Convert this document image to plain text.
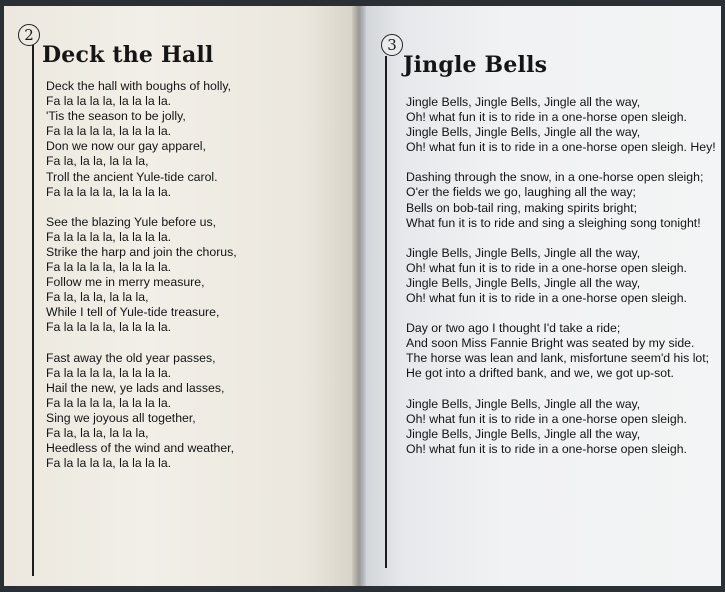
2
Deck the Hall
Deck the hall with boughs of holly,
Fa la la la la, la la la la.
'Tis the season to be jolly,
Fa la la la la, la la la la.
Don we now our gay apparel,
Fa la, la la, la la la,
Troll the ancient Yule-tide carol.
Fa la la la la, la la la la.
See the blazing Yule before us,
Fa la la la la, la la la la.
Strike the harp and join the chorus,
Fa la la la la, la la la la.
Follow me in merry measure,
Fa la, la la, la la la,
While I tell of Yule-tide treasure,
Fa la la la la, la la la la.
Fast away the old year passes,
Fa la la la la, la la la la.
Hail the new, ye lads and lasses,
Fa la la la la, la la la la.
Sing we joyous all together,
Fa la, la la, la la la,
Heedless of the wind and weather,
Fa la la la la, la la la la.
3
Jingle Bells
Jingle Bells, Jingle Bells, Jingle all the way,
Oh! what fun it is to ride in a one-horse open sleigh.
Jingle Bells, Jingle Bells, Jingle all the way,
Oh! what fun it is to ride in a one-horse open sleigh. Hey!
Dashing through the snow, in a one-horse open sleigh;
O'er the fields we go, laughing all the way;
Bells on bob-tail ring, making spirits bright;
What fun it is to ride and sing a sleighing song tonight!
Jingle Bells, Jingle Bells, Jingle all the way,
Oh! what fun it is to ride in a one-horse open sleigh.
Jingle Bells, Jingle Bells, Jingle all the way,
Oh! what fun it is to ride in a one-horse open sleigh.
Day or two ago I thought I'd take a ride;
And soon Miss Fannie Bright was seated by my side.
The horse was lean and lank, misfortune seem'd his lot;
He got into a drifted bank, and we, we got up-sot.
Jingle Bells, Jingle Bells, Jingle all the way,
Oh! what fun it is to ride in a one-horse open sleigh.
Jingle Bells, Jingle Bells, Jingle all the way,
Oh! what fun it is to ride in a one-horse open sleigh.
